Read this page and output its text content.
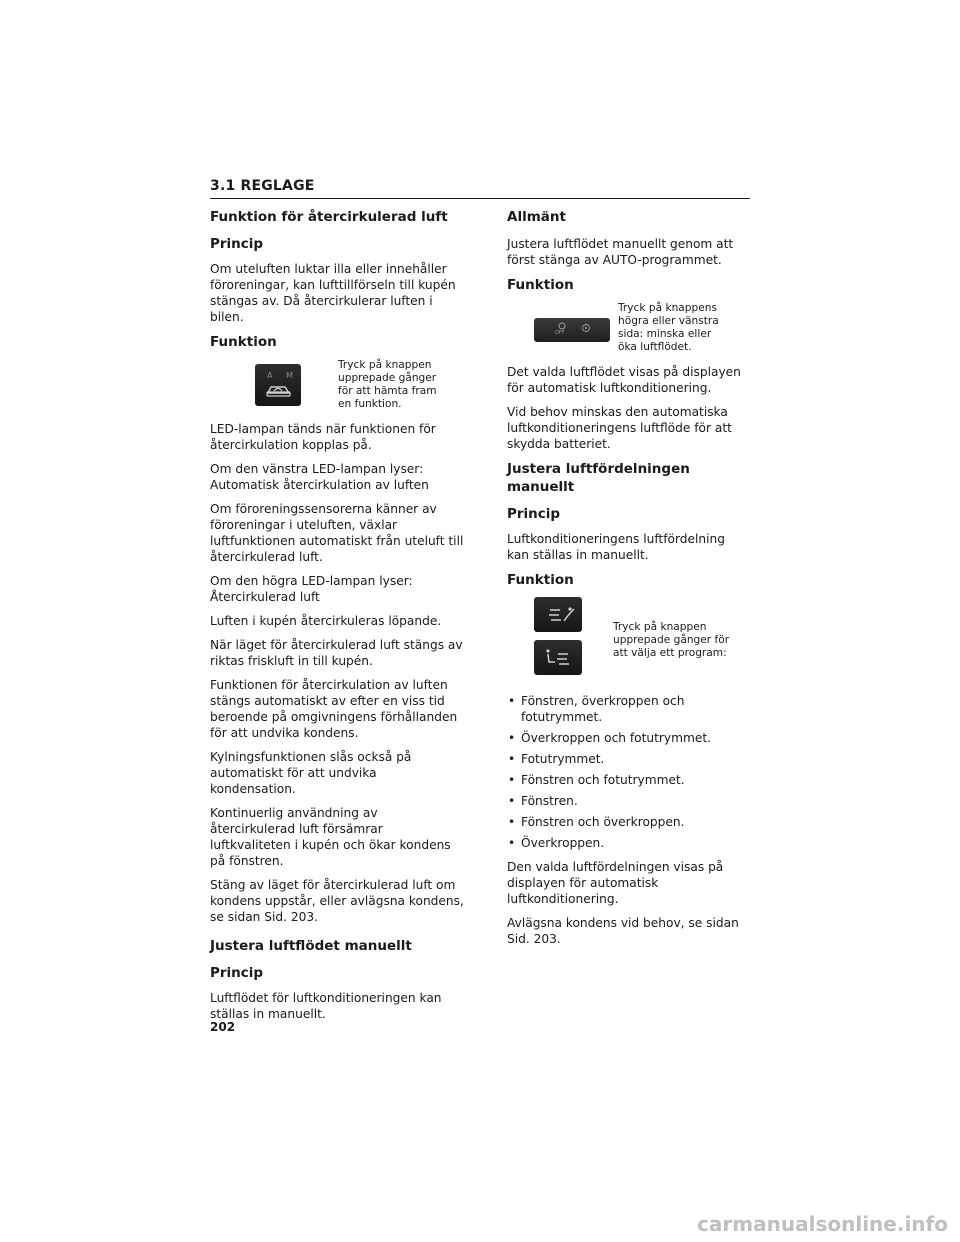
3.1 REGLAGE
Funktion för återcirkulerad luft
Princip

Om uteluften luktar illa eller innehåller föroreningar, kan lufttillförseln till kupén stängas av. Då återcirkulerar luften i bilen.

Funktion
A M
Tryck på knappen upprepade gånger för att hämta fram en funktion.

LED-lampan tänds när funktionen för återcirkulation kopplas på.

Om den vänstra LED-lampan lyser: Automatisk återcirkulation av luften

Om föroreningssensorerna känner av föroreningar i uteluften, växlar luftfunktionen automatiskt från uteluft till återcirkulerad luft.

Om den högra LED-lampan lyser: Återcirkulerad luft

Luften i kupén återcirkuleras löpande.

När läget för återcirkulerad luft stängs av riktas friskluft in till kupén.

Funktionen för återcirkulation av luften stängs automatiskt av efter en viss tid beroende på omgivningens förhållanden för att undvika kondens.

Kylningsfunktionen slås också på automatiskt för att undvika kondensation.

Kontinuerlig användning av återcirkulerad luft försämrar luftkvaliteten i kupén och ökar kondens på fönstren.

Stäng av läget för återcirkulerad luft om kondens uppstår, eller avlägsna kondens, se sidan Sid. 203.

Justera luftflödet manuellt
Princip

Luftflödet för luftkonditioneringen kan ställas in manuellt.

Allmänt

Justera luftflödet manuellt genom att först stänga av AUTO-programmet.

Funktion
OFF
Tryck på knappens högra eller vänstra sida: minska eller öka luftflödet.

Det valda luftflödet visas på displayen för automatisk luftkonditionering.

Vid behov minskas den automatiska luftkonditioneringens luftflöde för att skydda batteriet.

Justera luftfördelningen manuellt
Princip

Luftkonditioneringens luftfördelning kan ställas in manuellt.

Funktion
Tryck på knappen upprepade gånger för att välja ett program:
• Fönstren, överkroppen och fotutrymmet.
• Överkroppen och fotutrymmet.
• Fotutrymmet.
• Fönstren och fotutrymmet.
• Fönstren.
• Fönstren och överkroppen.
• Överkroppen.

Den valda luftfördelningen visas på displayen för automatisk luftkonditionering.

Avlägsna kondens vid behov, se sidan Sid. 203.

202
carmanualsonline.info
